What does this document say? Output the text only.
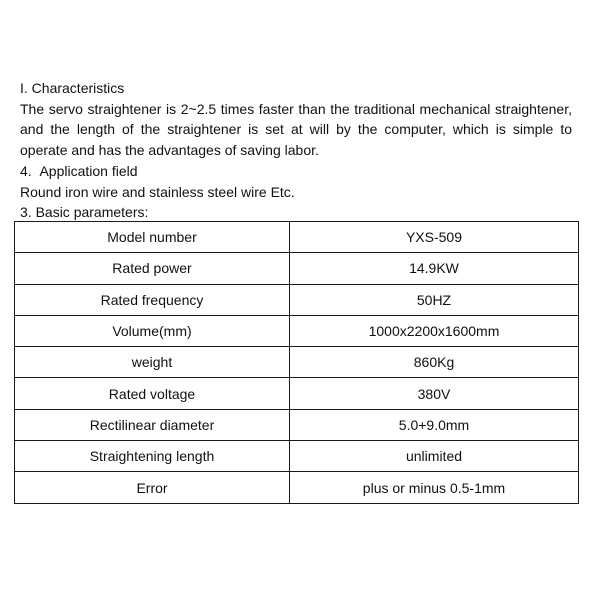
I. Characteristics

The servo straightener is 2~2.5 times faster than the traditional mechanical straightener, and the length of the straightener is set at will by the computer, which is simple to operate and has the advantages of saving labor.

4.  Application field

Round iron wire and stainless steel wire Etc.

3. Basic parameters:

Model number	YXS-509
Rated power	14.9KW
Rated frequency	50HZ
Volume(mm)	1000x2200x1600mm
weight	860Kg
Rated voltage	380V
Rectilinear diameter	5.0+9.0mm
Straightening length	unlimited
Error	plus or minus 0.5-1mm
